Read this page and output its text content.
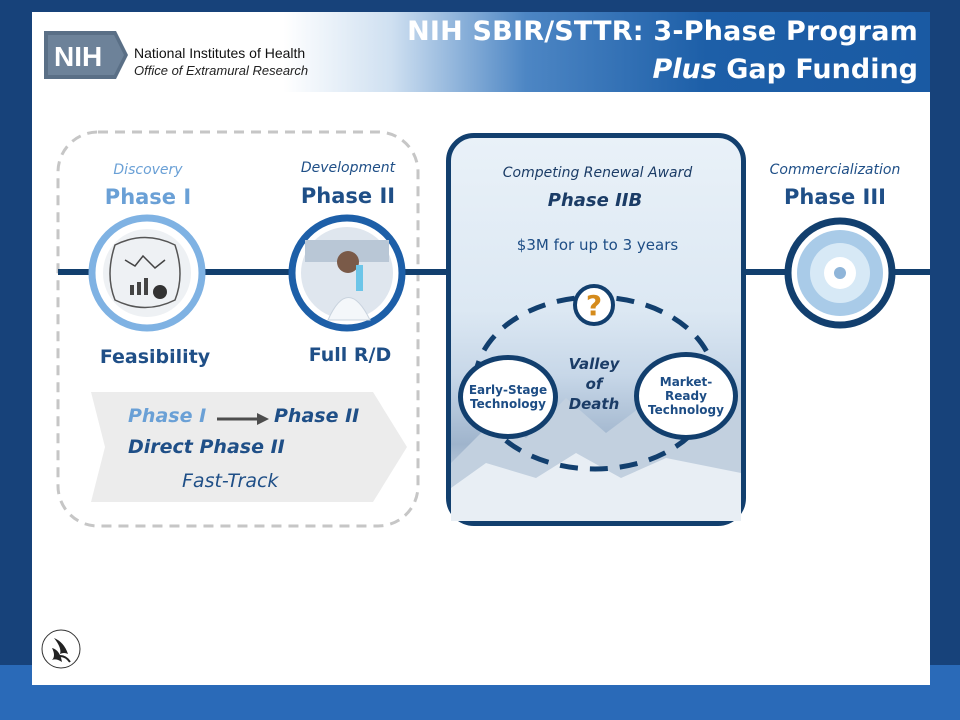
NIH National Institutes of Health
Office of Extramural Research
NIH SBIR/STTR: 3-Phase Program
Plus Gap Funding
Discovery
Phase I
Feasibility
Development
Phase II
Full R/D
Commercialization
Phase III
Phase I	Phase II
Direct Phase II
Fast-Track
Competing Renewal Award
Phase IIB
$3M for up to 3 years
?
Valley
of
Death
Early-Stage
Technology
Market-
Ready
Technology
